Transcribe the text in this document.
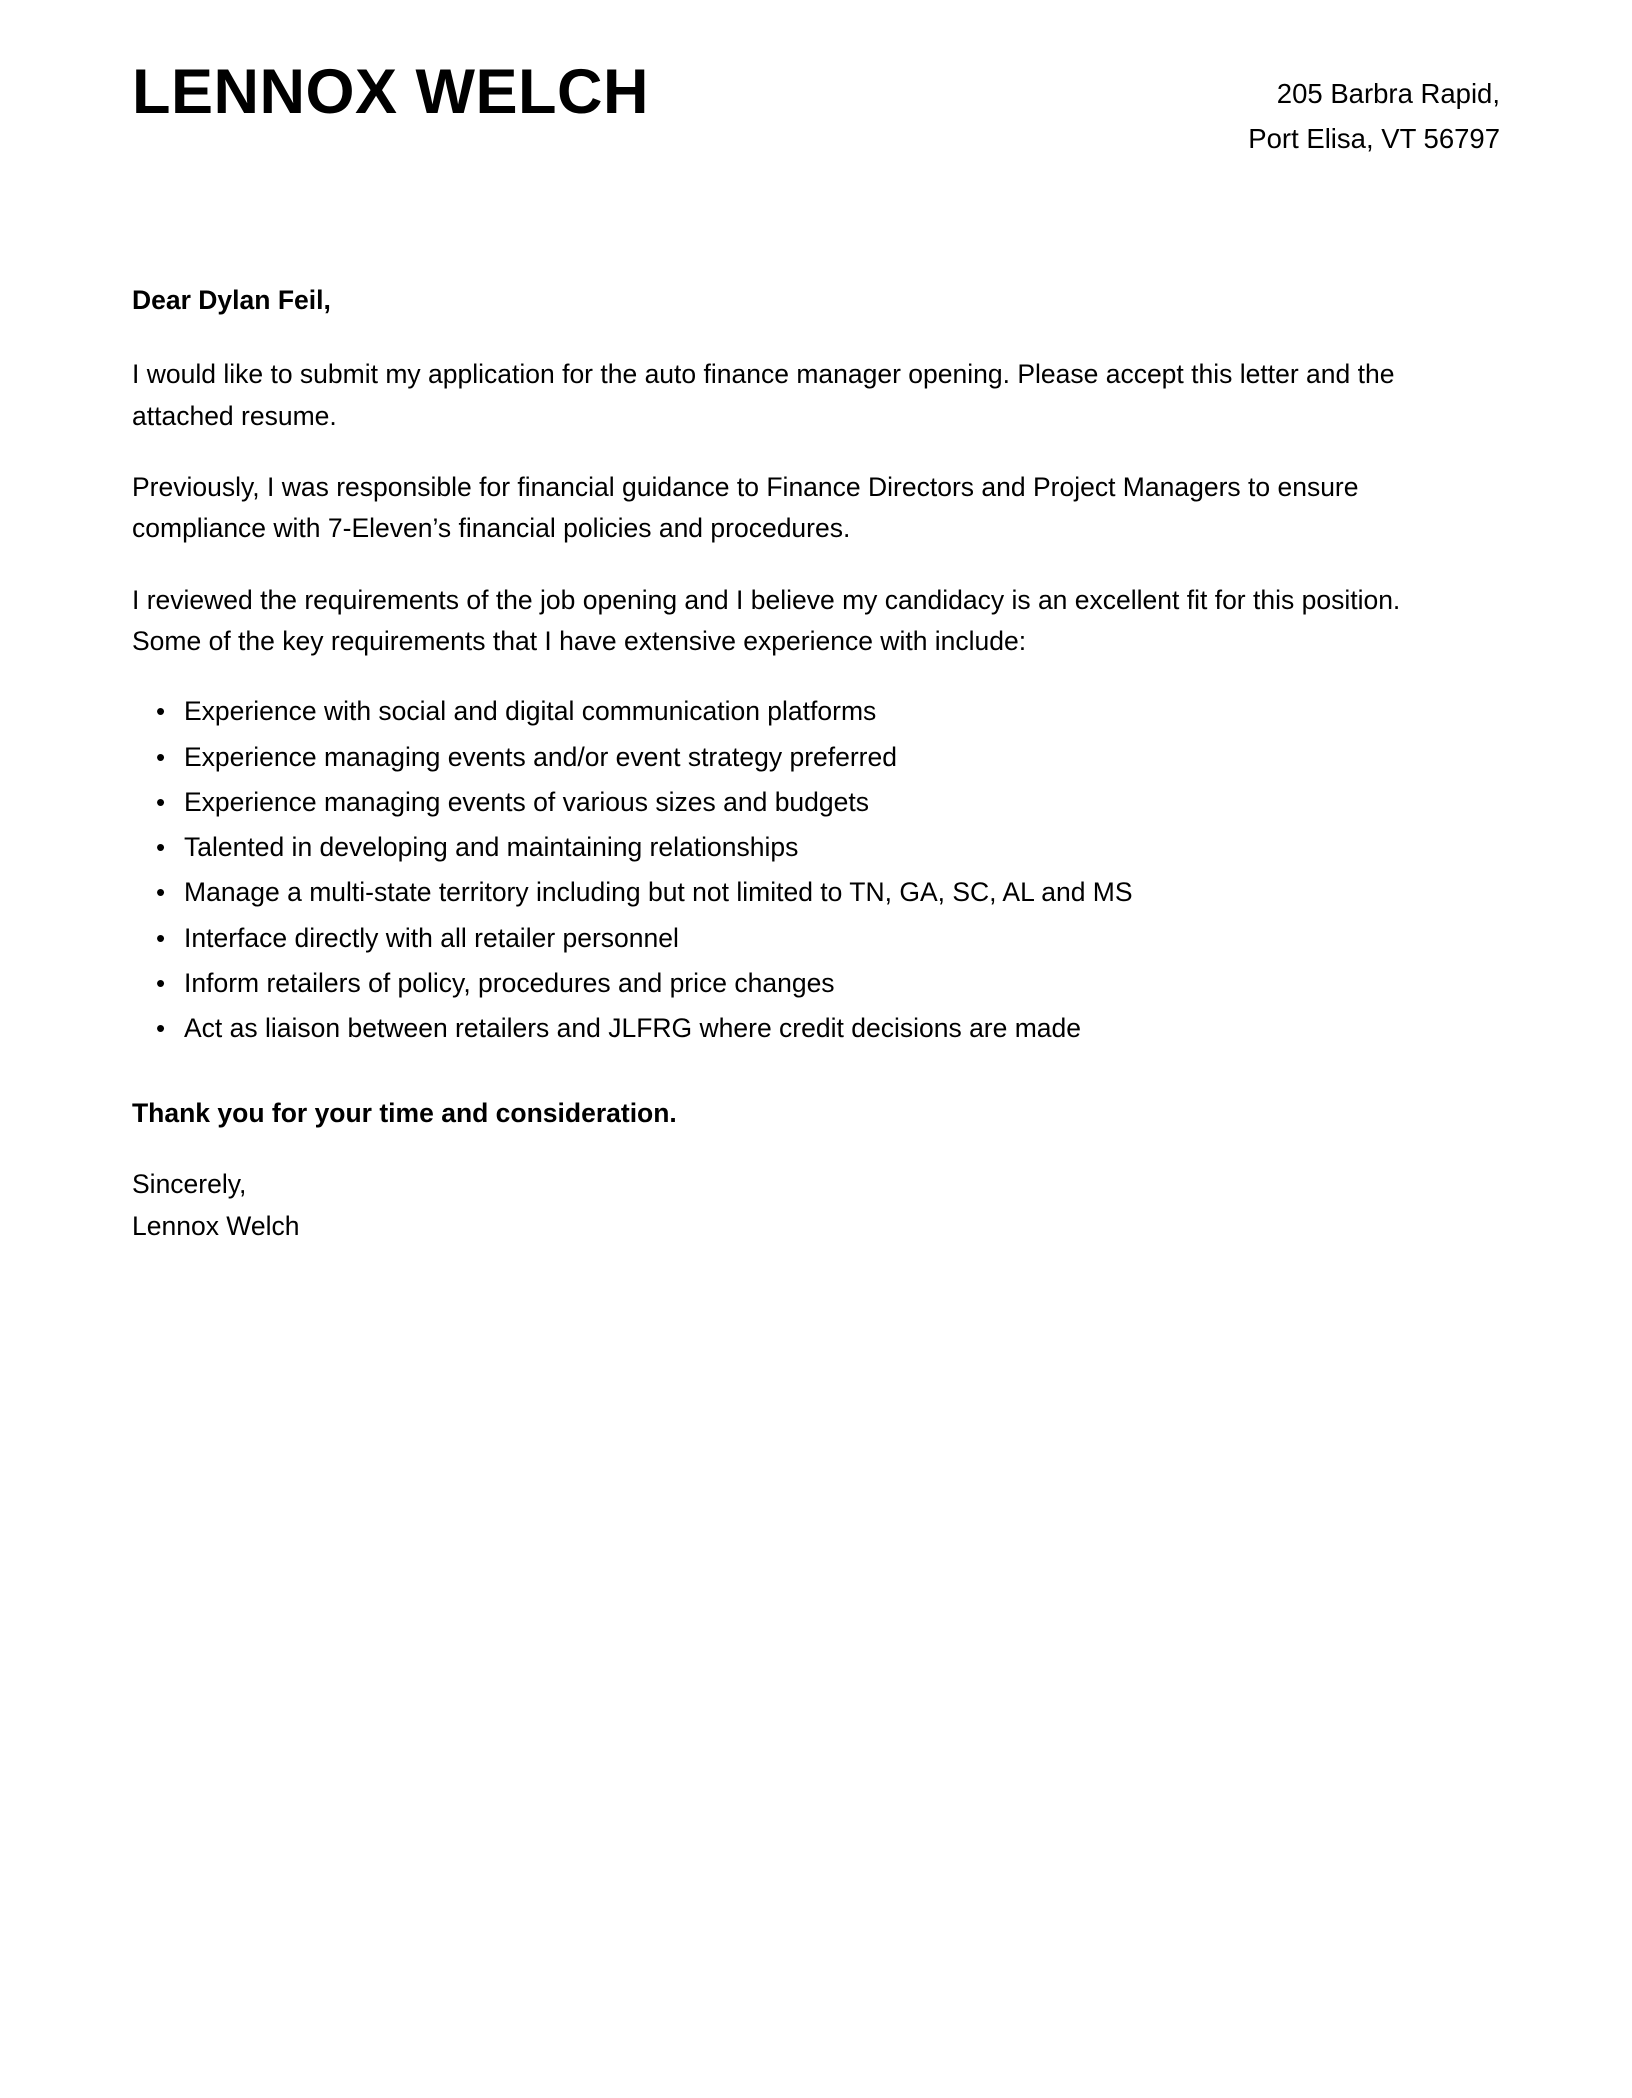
LENNOX WELCH	205 Barbra Rapid,
Port Elisa, VT 56797

Dear Dylan Feil,

I would like to submit my application for the auto finance manager opening. Please accept this letter and the attached resume.

Previously, I was responsible for financial guidance to Finance Directors and Project Managers to ensure compliance with 7-Eleven’s financial policies and procedures.

I reviewed the requirements of the job opening and I believe my candidacy is an excellent fit for this position. Some of the key requirements that I have extensive experience with include:

• Experience with social and digital communication platforms
• Experience managing events and/or event strategy preferred
• Experience managing events of various sizes and budgets
• Talented in developing and maintaining relationships
• Manage a multi-state territory including but not limited to TN, GA, SC, AL and MS
• Interface directly with all retailer personnel
• Inform retailers of policy, procedures and price changes
• Act as liaison between retailers and JLFRG where credit decisions are made

Thank you for your time and consideration.

Sincerely,
Lennox Welch
